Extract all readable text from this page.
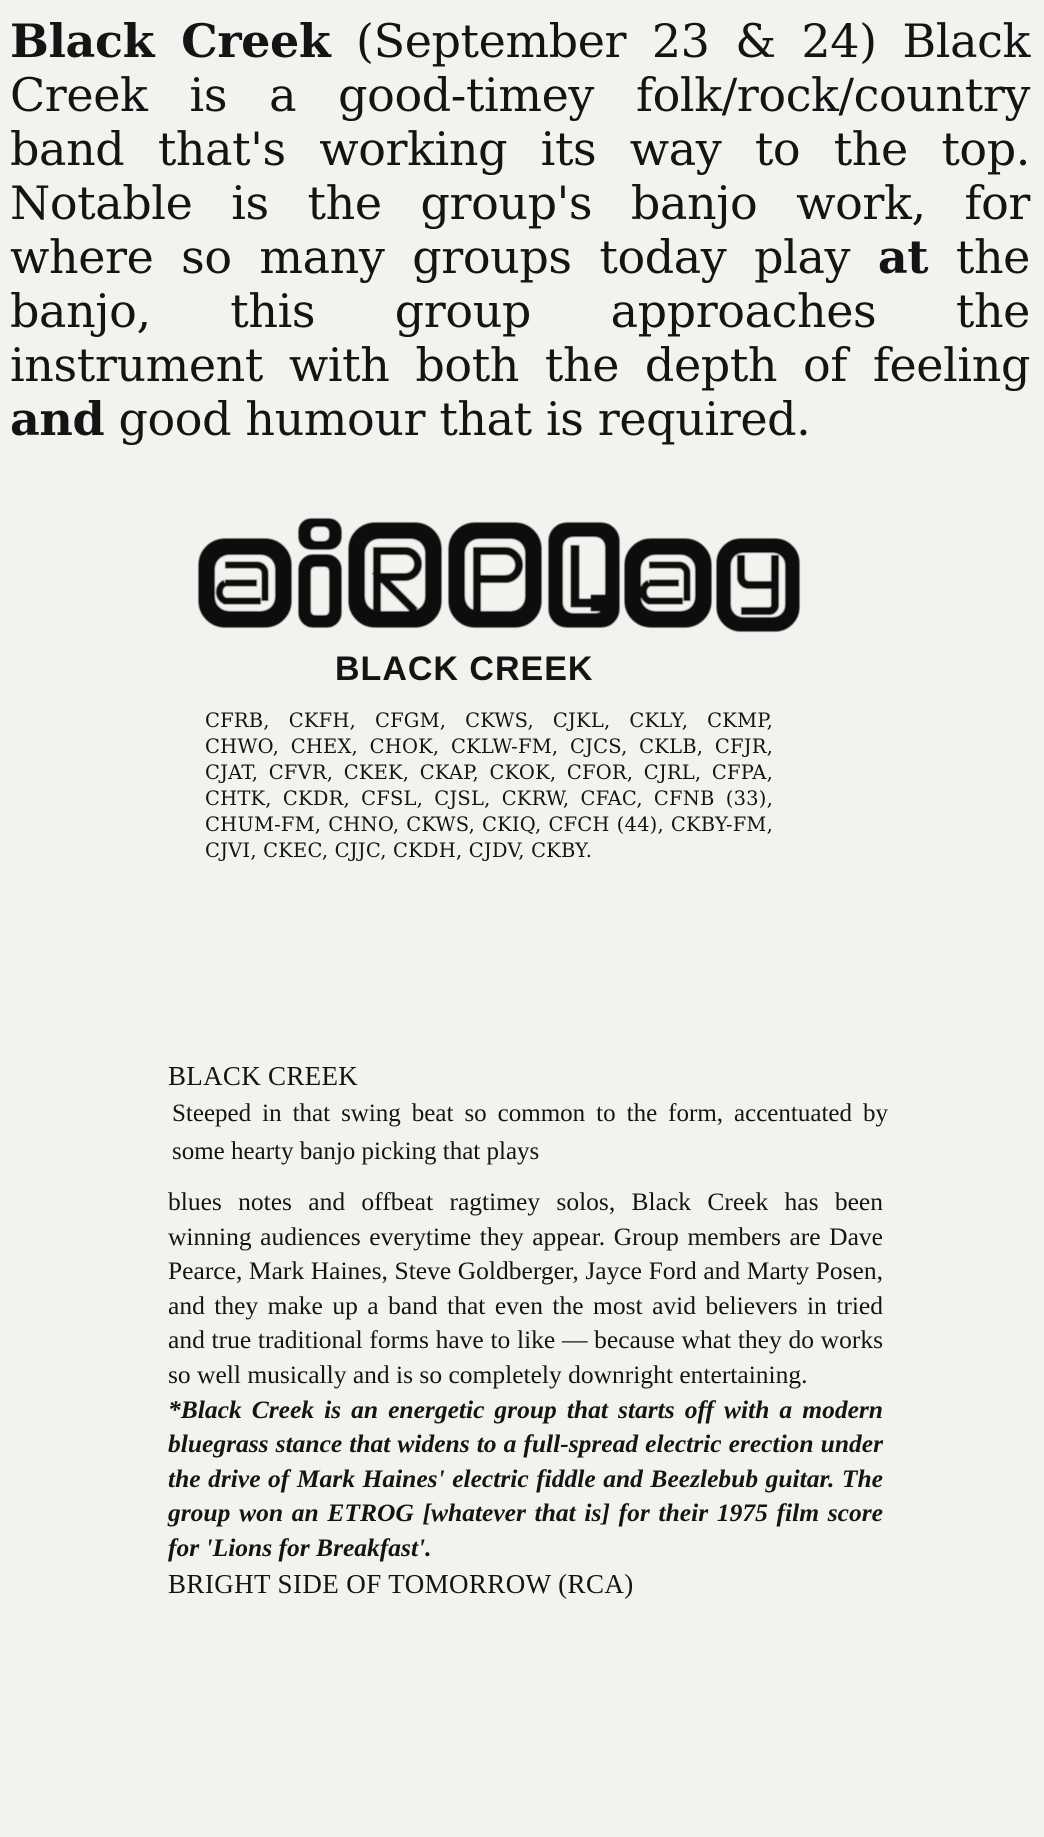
Black Creek (September 23 & 24) Black Creek is a good-timey folk/rock/country band that's working its way to the top. Notable is the group's banjo work, for where so many groups today play at the banjo, this group approaches the instrument with both the depth of feeling and good humour that is required.

BLACK CREEK

CFRB, CKFH, CFGM, CKWS, CJKL, CKLY, CKMP, CHWO, CHEX, CHOK, CKLW-FM, CJCS, CKLB, CFJR, CJAT, CFVR, CKEK, CKAP, CKOK, CFOR, CJRL, CFPA, CHTK, CKDR, CFSL, CJSL, CKRW, CFAC, CFNB (33), CHUM-FM, CHNO, CKWS, CKIQ, CFCH (44), CKBY-FM, CJVI, CKEC, CJJC, CKDH, CJDV, CKBY.

BLACK CREEK
Steeped in that swing beat so common to the form, accentuated by some hearty banjo picking that plays
blues notes and offbeat ragtimey solos, Black Creek has been winning audiences everytime they appear. Group members are Dave Pearce, Mark Haines, Steve Goldberger, Jayce Ford and Marty Posen, and they make up a band that even the most avid believers in tried and true traditional forms have to like — because what they do works so well musically and is so completely downright entertaining.
*Black Creek is an energetic group that starts off with a modern bluegrass stance that widens to a full-spread electric erection under the drive of Mark Haines' electric fiddle and Beezlebub guitar. The group won an ETROG [whatever that is] for their 1975 film score for 'Lions for Breakfast'.
BRIGHT SIDE OF TOMORROW (RCA)
